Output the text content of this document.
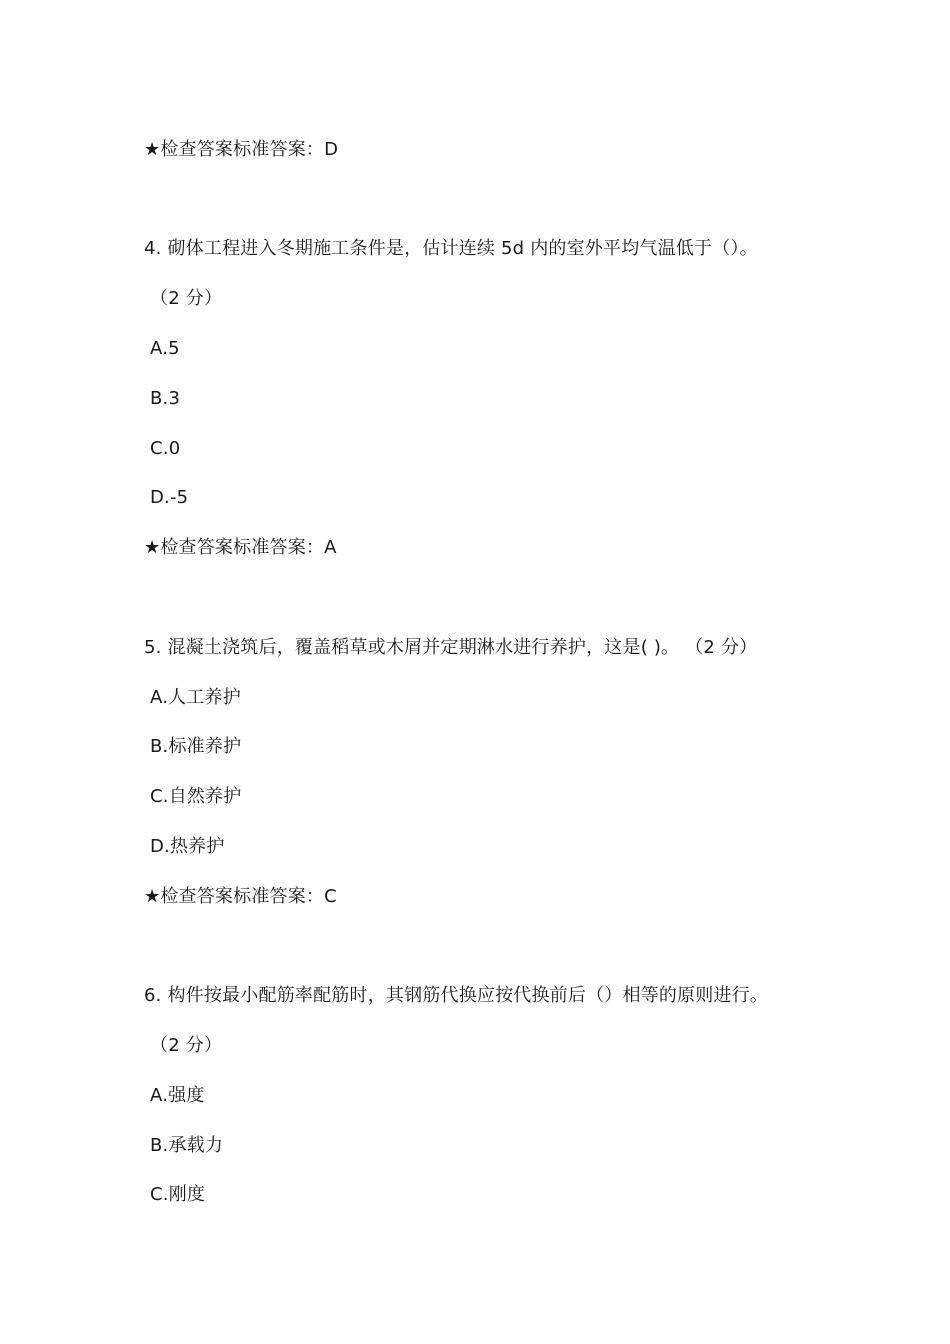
★检查答案标准答案：D
4. 砌体工程进入冬期施工条件是，估计连续 5d 内的室外平均气温低于（）。
（2 分）
A.5
B.3
C.0
D.-5
★检查答案标准答案：A
5. 混凝土浇筑后，覆盖稻草或木屑并定期淋水进行养护，这是( )。 （2 分）
A.人工养护
B.标准养护
C.自然养护
D.热养护
★检查答案标准答案：C
6. 构件按最小配筋率配筋时，其钢筋代换应按代换前后（）相等的原则进行。
（2 分）
A.强度
B.承载力
C.刚度
